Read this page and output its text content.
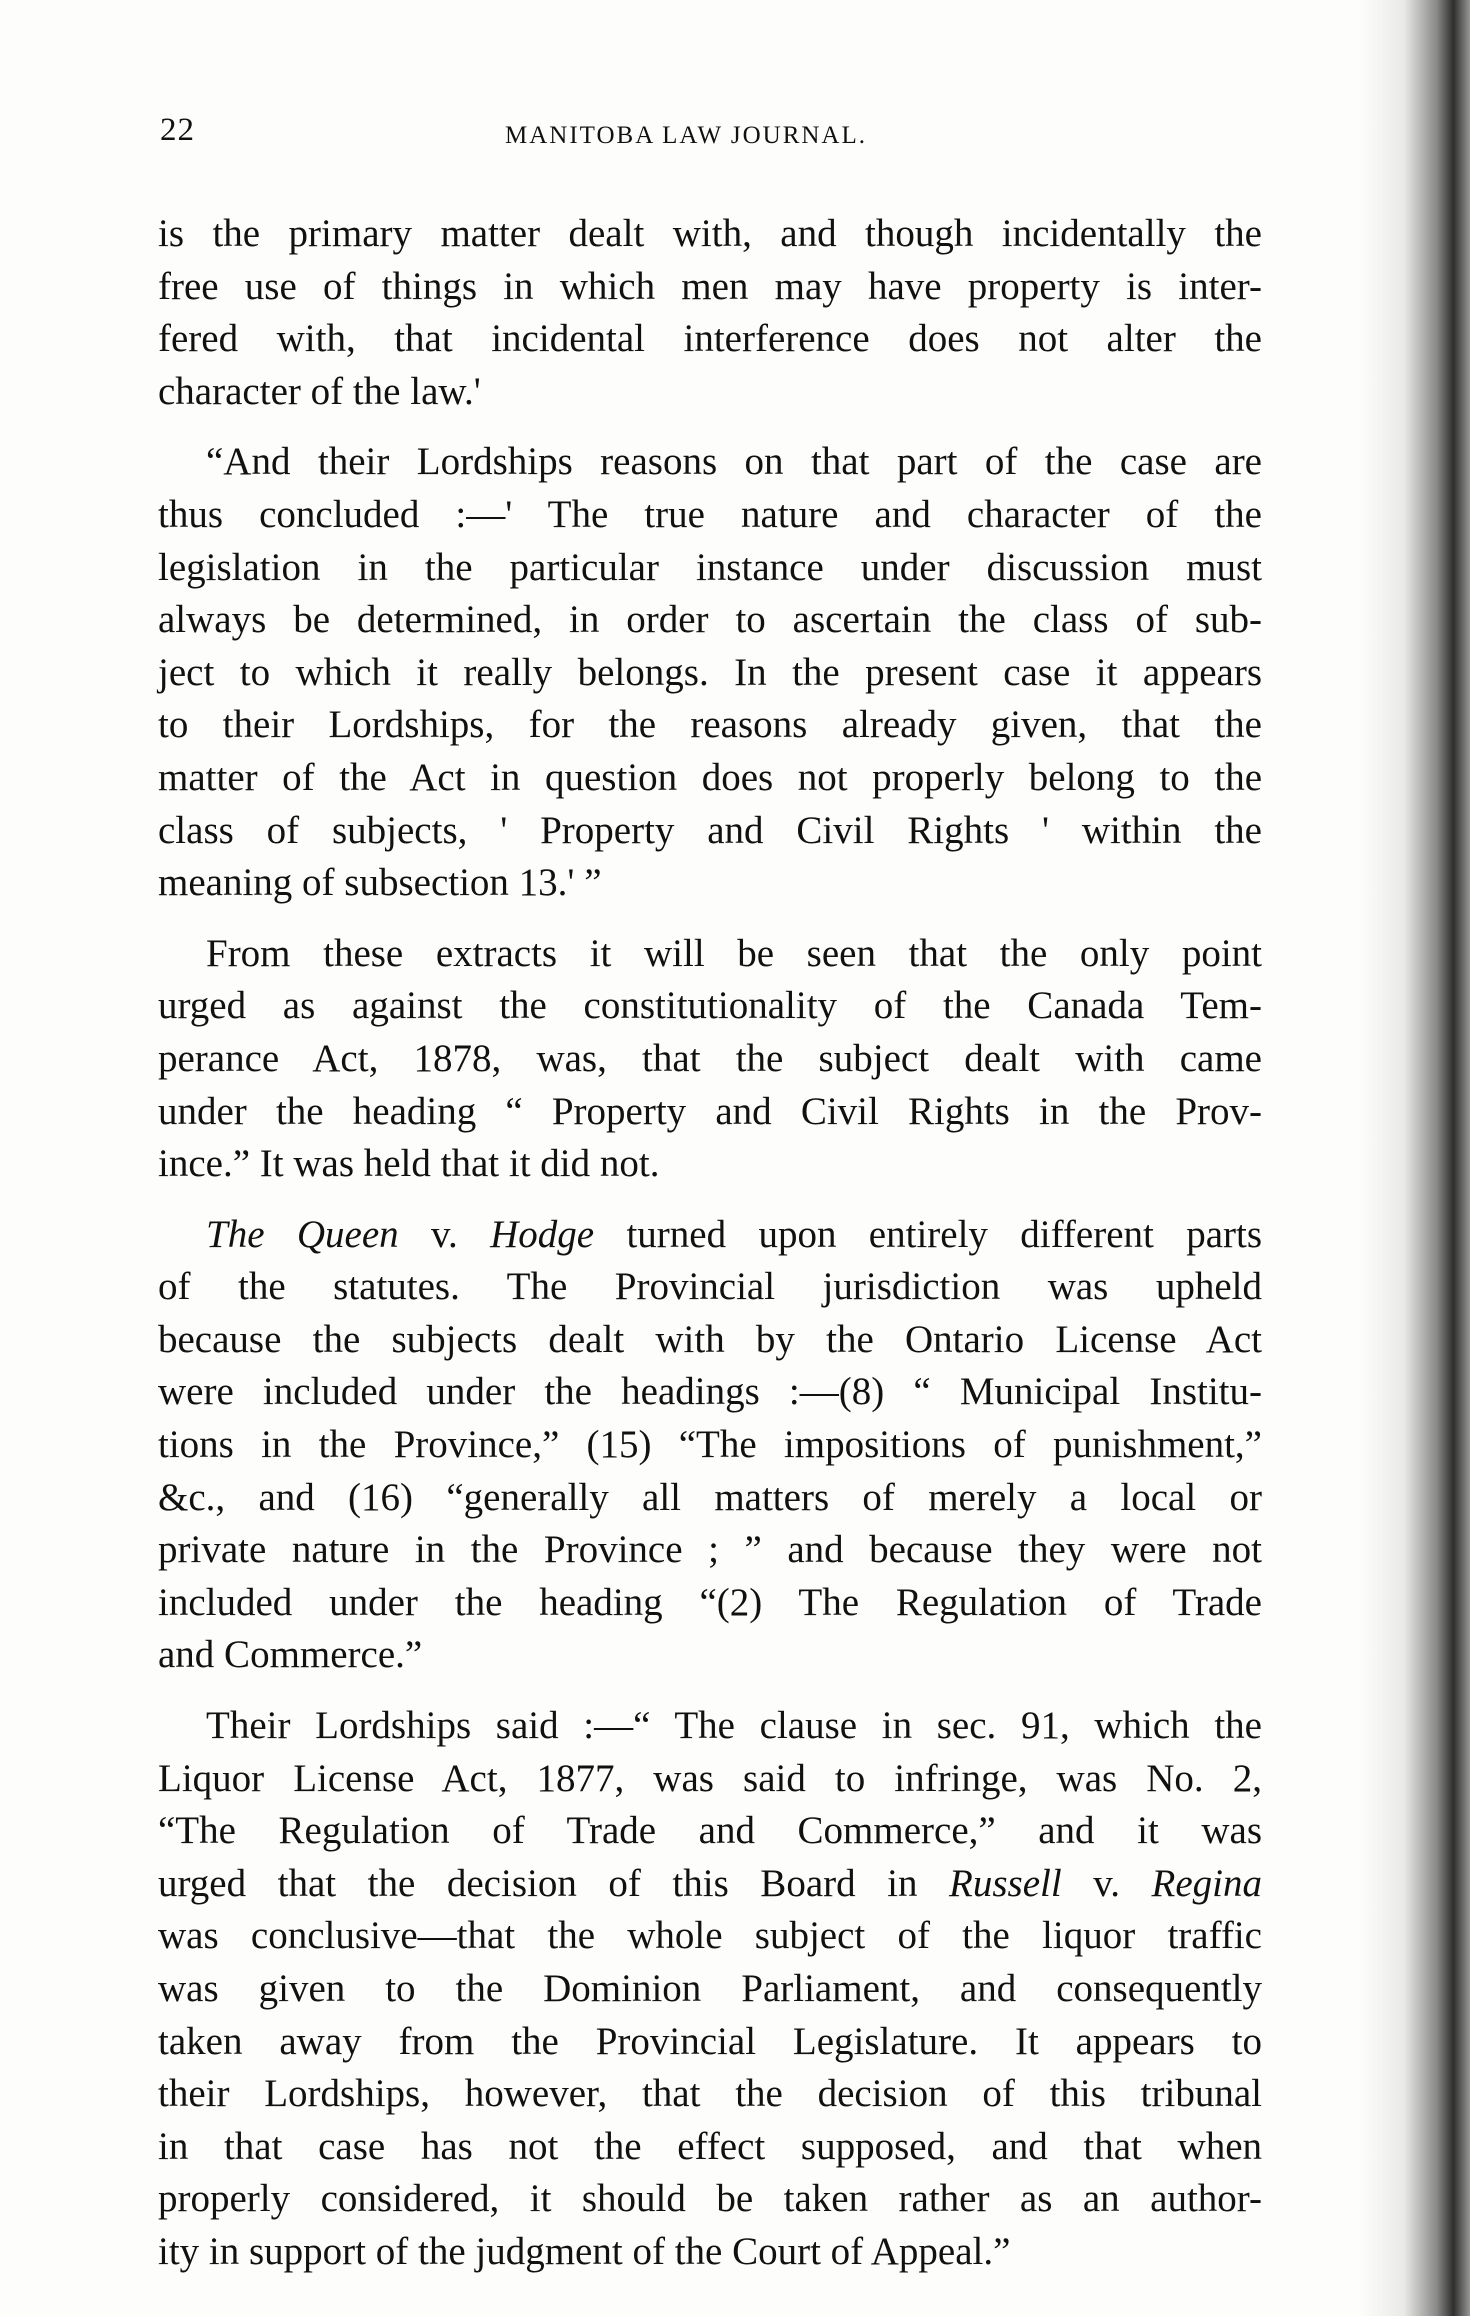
22	MANITOBA LAW JOURNAL.

is the primary matter dealt with, and though incidentally the
free use of things in which men may have property is inter-
fered with, that incidental interference does not alter the
character of the law.'

“And their Lordships reasons on that part of the case are
thus concluded :—' The true nature and character of the
legislation in the particular instance under discussion must
always be determined, in order to ascertain the class of sub-
ject to which it really belongs. In the present case it appears
to their Lordships, for the reasons already given, that the
matter of the Act in question does not properly belong to the
class of subjects, ' Property and Civil Rights ' within the
meaning of subsection 13.' ”

From these extracts it will be seen that the only point
urged as against the constitutionality of the Canada Tem-
perance Act, 1878, was, that the subject dealt with came
under the heading “ Property and Civil Rights in the Prov-
ince.” It was held that it did not.

The Queen v. Hodge turned upon entirely different parts
of the statutes. The Provincial jurisdiction was upheld
because the subjects dealt with by the Ontario License Act
were included under the headings :—(8) “ Municipal Institu-
tions in the Province,” (15) “The impositions of punishment,”
&c., and (16) “generally all matters of merely a local or
private nature in the Province ; ” and because they were not
included under the heading “(2) The Regulation of Trade
and Commerce.”

Their Lordships said :—“ The clause in sec. 91, which the
Liquor License Act, 1877, was said to infringe, was No. 2,
“The Regulation of Trade and Commerce,” and it was
urged that the decision of this Board in Russell v. Regina
was conclusive—that the whole subject of the liquor traffic
was given to the Dominion Parliament, and consequently
taken away from the Provincial Legislature. It appears to
their Lordships, however, that the decision of this tribunal
in that case has not the effect supposed, and that when
properly considered, it should be taken rather as an author-
ity in support of the judgment of the Court of Appeal.”
